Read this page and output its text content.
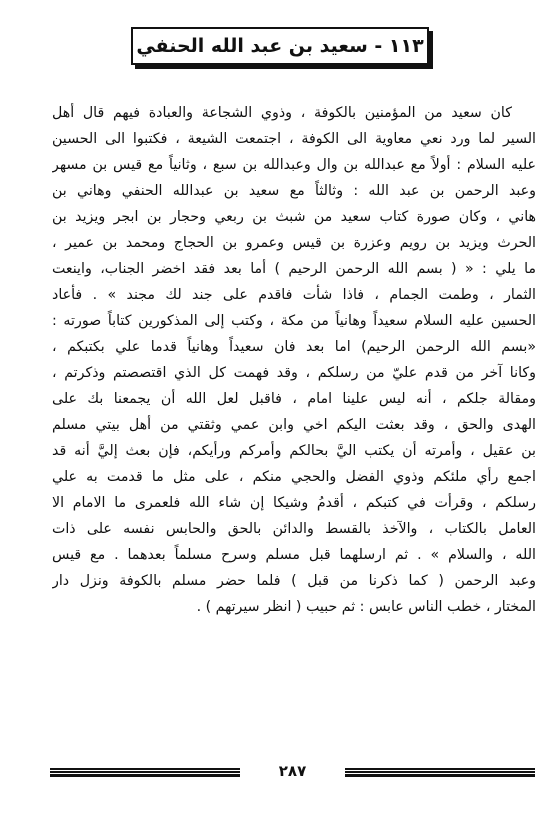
١١٣ - سعيد بن عبد الله الحنفي
كان سعيد من المؤمنين بالكوفة ، وذوي الشجاعة والعبادة فيهم قال أهل
السير لما ورد نعي معاوية الى الكوفة ، اجتمعت الشيعة ، فكتبوا الى الحسين
عليه السلام : أولاً مع عبدالله بن وال وعبدالله بن سبع ، وثانياً مع قيس بن مسهر
وعبد الرحمن بن عبد الله : وثالثاً مع سعيد بن عبدالله الحنفي وهاني بن
هاني ، وكان صورة كتاب سعيد من شبث بن ربعي وحجار بن ابجر ويزيد بن
الحرث ويزيد بن رويم وعزرة بن قيس وعمرو بن الحجاج ومحمد بن عمير ،
ما يلي : « ( بسم الله الرحمن الرحيم ) أما بعد فقد اخضر الجناب، واينعت
الثمار ، وطمت الجمام ، فاذا شأت فاقدم على جند لك مجند » . فأعاد
الحسين عليه السلام سعيداً وهانياً من مكة ، وكتب إلى المذكورين كتاباً صورته :
«بسم الله الرحمن الرحيم) اما بعد فان سعيداً وهانياً قدما علي بكتبكم ،
وكانا آخر من قدم عليّ من رسلكم ، وقد فهمت كل الذي اقتصصتم وذكرتم ،
ومقالة جلكم ، أنه ليس علينا امام ، فاقبل لعل الله أن يجمعنا بك على
الهدى والحق ، وقد بعثت اليكم اخي وابن عمي وثقتي من أهل بيتي مسلم
بن عقيل ، وأمرته أن يكتب اليَّ بحالكم وأمركم ورأيكم، فإن بعث إليَّ أنه قد
اجمع رأي ملئكم وذوي الفضل والحجي منكم ، على مثل ما قدمت به علي
رسلكم ، وقرأت في كتبكم ، أقدمُ وشيكا إن شاء الله فلعمرى ما الامام الا
العامل بالكتاب ، والآخذ بالقسط والدائن بالحق والحابس نفسه على ذات
الله ، والسلام » . ثم ارسلهما قبل مسلم وسرح مسلماً بعدهما . مع قيس
وعبد الرحمن ( كما ذكرنا من قبل ) فلما حضر مسلم بالكوفة ونزل دار
المختار ، خطب الناس عابس : ثم حبيب ( انظر سيرتهم ) .
٢٨٧
